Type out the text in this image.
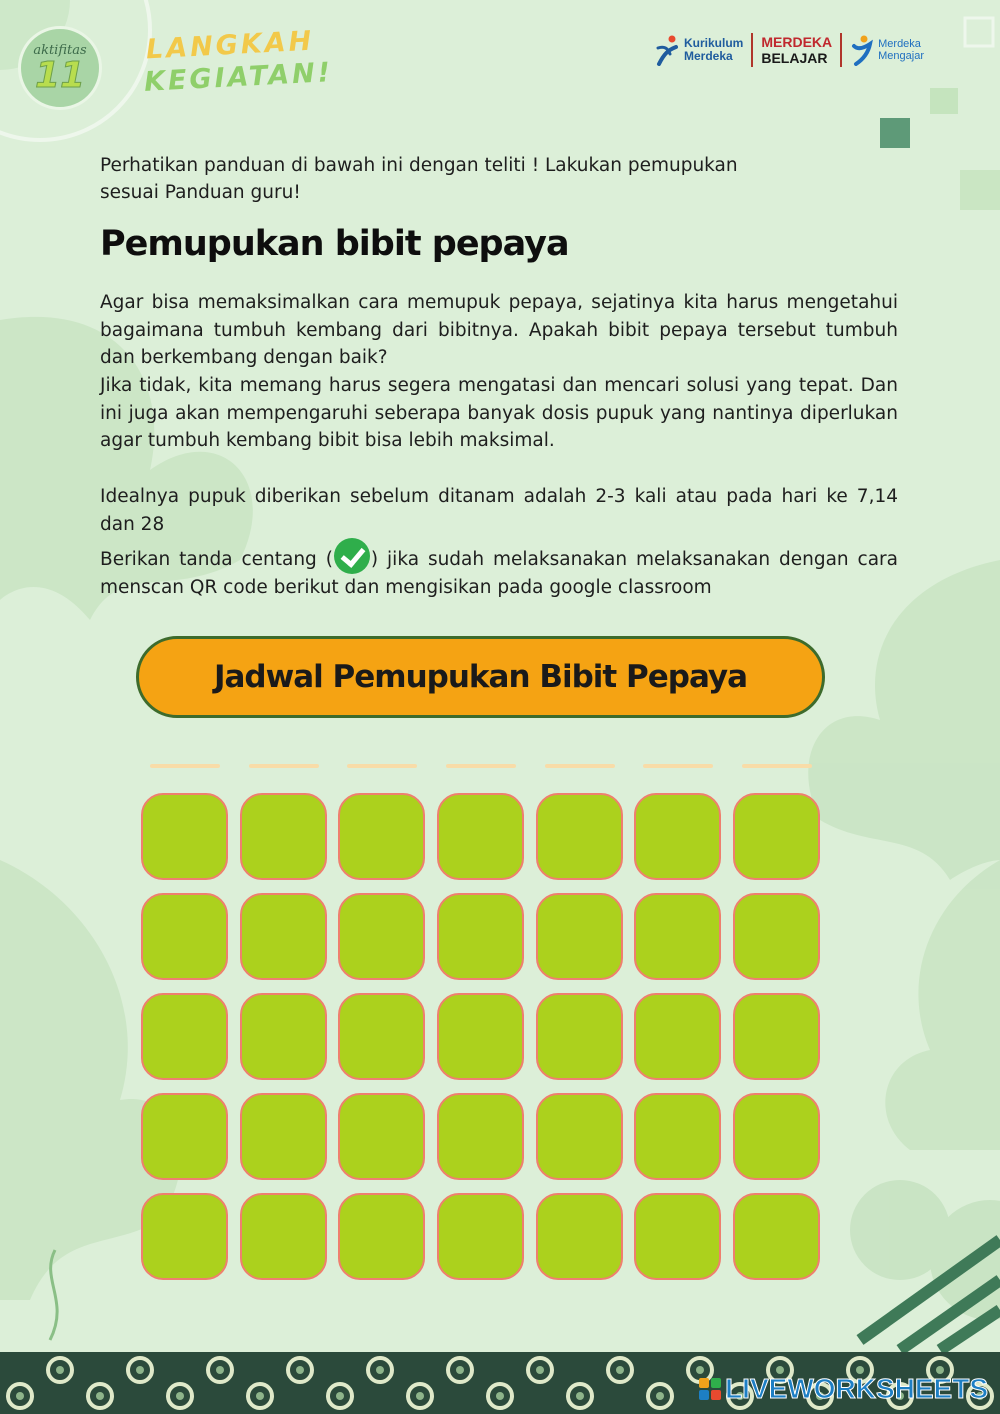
aktifitas
11
LANGKAH
KEGIATAN!
Kurikulum
Merdeka
MERDEKA
BELAJAR
Merdeka
Mengajar

Perhatikan panduan di bawah ini dengan teliti ! Lakukan pemupukan sesuai Panduan guru!

Pemupukan bibit pepaya

Agar bisa memaksimalkan cara memupuk pepaya, sejatinya kita harus mengetahui bagaimana tumbuh kembang dari bibitnya. Apakah bibit pepaya tersebut tumbuh dan berkembang dengan baik?

Jika tidak, kita memang harus segera mengatasi dan mencari solusi yang tepat. Dan ini juga akan mempengaruhi seberapa banyak dosis pupuk yang nantinya diperlukan agar tumbuh kembang bibit bisa lebih maksimal.

Idealnya pupuk diberikan sebelum ditanam adalah 2-3 kali atau pada hari ke 7,14 dan 28

Berikan tanda centang ( ) jika sudah melaksanakan melaksanakan dengan cara menscan QR code berikut dan mengisikan pada google classroom

Jadwal Pemupukan Bibit Pepaya
LIVEWORKSHEETS
